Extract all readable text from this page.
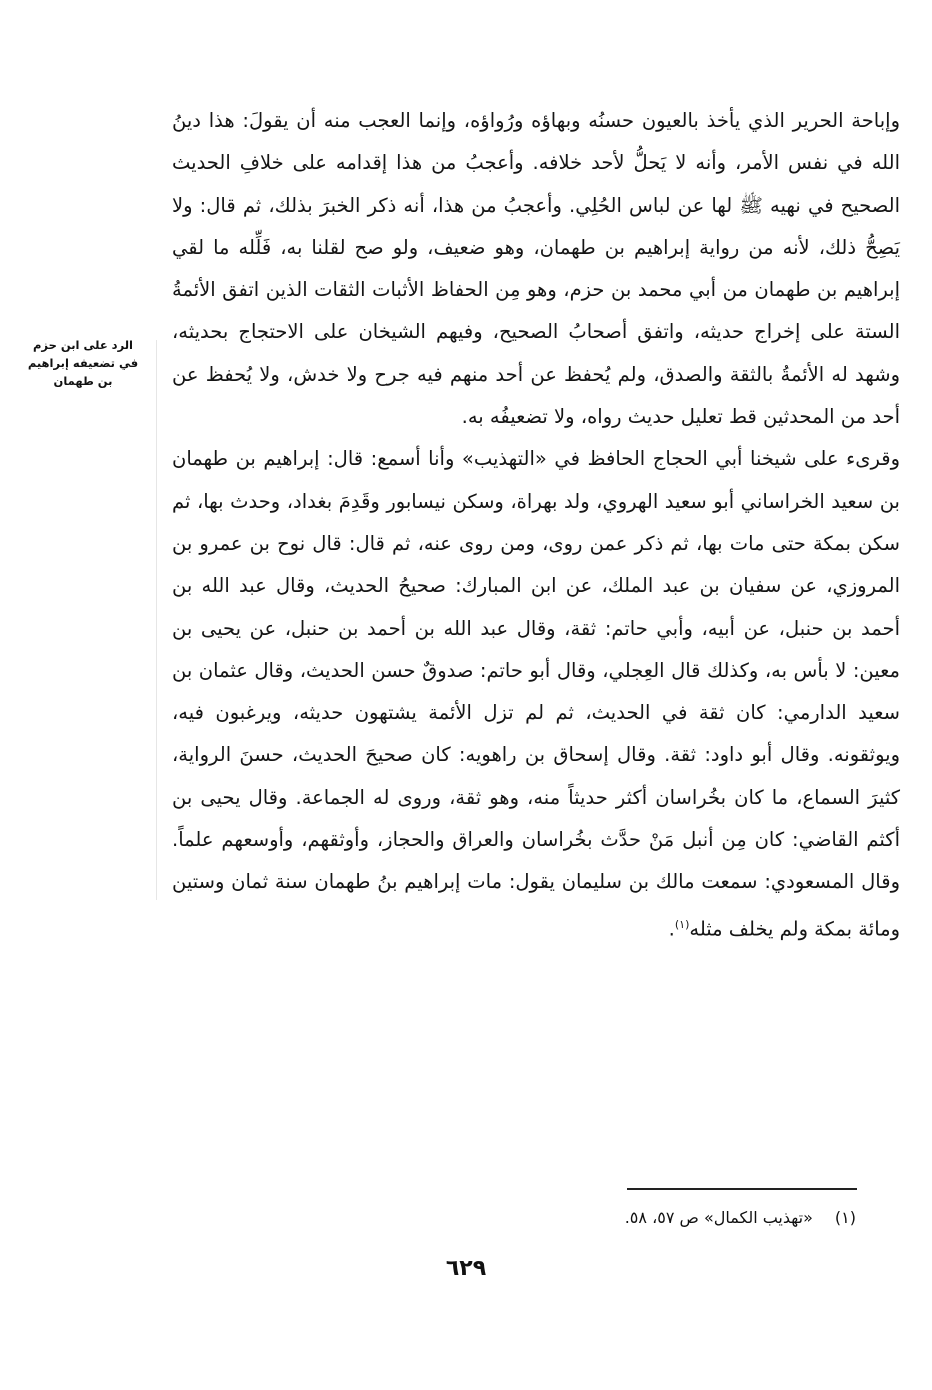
وإباحة الحرير الذي يأخذ بالعيون حسنُه وبهاؤه ورُواؤه، وإنما العجب منه أن يقولَ: هذا دينُ الله في نفس الأمر، وأنه لا يَحلُّ لأحد خلافه. وأعجبُ من هذا إقدامه على خلافِ الحديث الصحيح في نهيه ﷺ لها عن لباس الحُلِي. وأعجبُ من هذا، أنه ذكر الخبرَ بذلك، ثم قال: ولا يَصِحُّ ذلك، لأنه من رواية إبراهيم بن طهمان، وهو ضعيف، ولو صح لقلنا به، فَلِّله ما لقي إبراهيم بن طهمان من أبي محمد بن حزم، وهو مِن الحفاظ الأثبات الثقات الذين اتفق الأئمةُ الستة على إخراج حديثه، واتفق أصحابُ الصحيح، وفيهم الشيخان على الاحتجاج بحديثه، وشهد له الأئمةُ بالثقة والصدق، ولم يُحفظ عن أحد منهم فيه جرح ولا خدش، ولا يُحفظ عن أحد من المحدثين قط تعليل حديث رواه، ولا تضعيفُه به.

وقرىء على شيخنا أبي الحجاج الحافظ في «التهذيب» وأنا أسمع: قال: إبراهيم بن طهمان بن سعيد الخراساني أبو سعيد الهروي، ولد بهراة، وسكن نيسابور وقَدِمَ بغداد، وحدث بها، ثم سكن بمكة حتى مات بها، ثم ذكر عمن روى، ومن روى عنه، ثم قال: قال نوح بن عمرو بن المروزي، عن سفيان بن عبد الملك، عن ابن المبارك: صحيحُ الحديث، وقال عبد الله بن أحمد بن حنبل، عن أبيه، وأبي حاتم: ثقة، وقال عبد الله بن أحمد بن حنبل، عن يحيى بن معين: لا بأس به، وكذلك قال العِجلي، وقال أبو حاتم: صدوقٌ حسن الحديث، وقال عثمان بن سعيد الدارمي: كان ثقة في الحديث، ثم لم تزل الأئمة يشتهون حديثه، ويرغبون فيه، ويوثقونه. وقال أبو داود: ثقة. وقال إسحاق بن راهويه: كان صحيحَ الحديث، حسنَ الرواية، كثيرَ السماع، ما كان بخُراسان أكثر حديثاً منه، وهو ثقة، وروى له الجماعة. وقال يحيى بن أكثم القاضي: كان مِن أنبل مَنْ حدَّث بخُراسان والعراق والحجاز، وأوثقهم، وأوسعهم علماً. وقال المسعودي: سمعت مالك بن سليمان يقول: مات إبراهيم بنُ طهمان سنة ثمان وستين ومائة بمكة ولم يخلف مثله$^{(١)}$.

الرد على ابن حزم في تضعيفه إبراهيم بن طهمان
(١)«تهذيب الكمال» ص ٥٧، ٥٨.
٦٢٩
